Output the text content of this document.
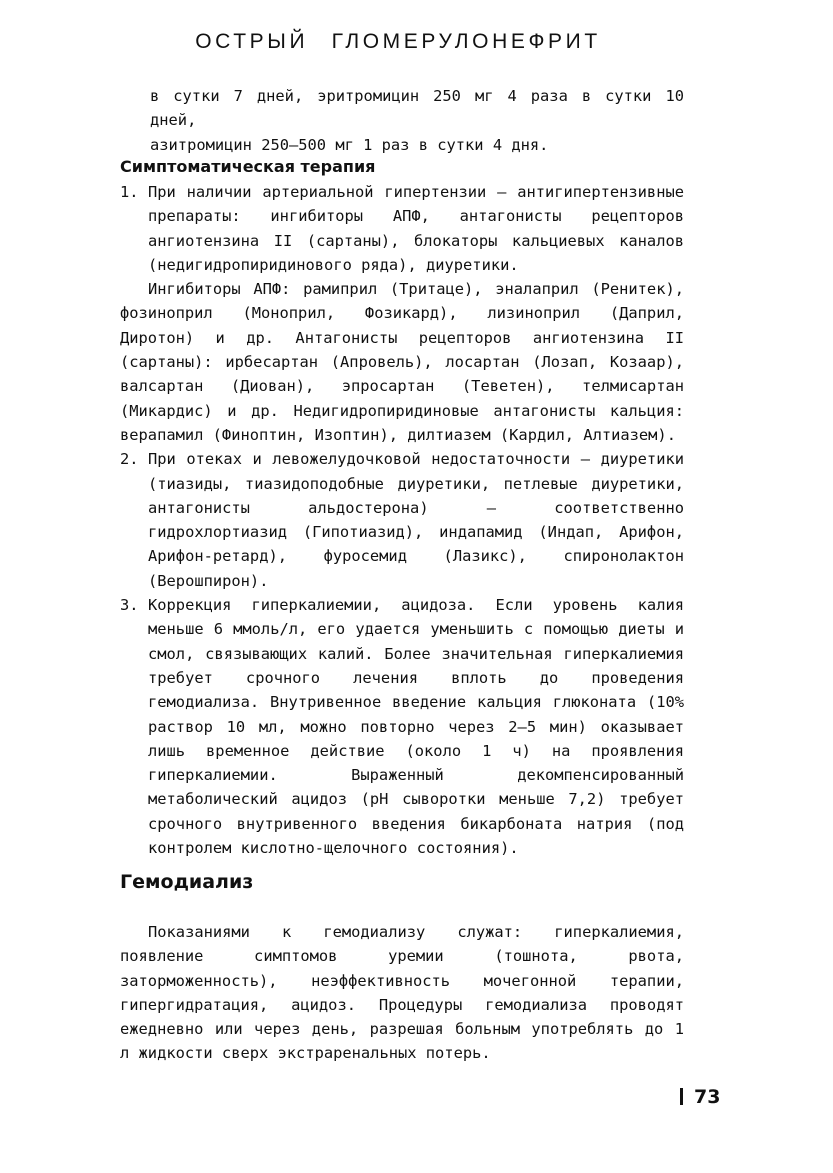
ОСТРЫЙ ГЛОМЕРУЛОНЕФРИТ
в сутки 7 дней, эритромицин 250 мг 4 раза в сутки 10 дней,
азитромицин 250–500 мг 1 раз в сутки 4 дня.
Симптоматическая терапия
1. При наличии артериальной гипертензии — антигипертензивные препараты: ингибиторы АПФ, антагонисты рецепторов ангиотензина II (сартаны), блокаторы кальциевых каналов (недигидропиридинового ряда), диуретики.
Ингибиторы АПФ: рамиприл (Тритаце), эналаприл (Ренитек), фозиноприл (Моноприл, Фозикард), лизиноприл (Даприл, Диротон) и др. Антагонисты рецепторов ангиотензина II (сартаны): ирбесартан (Апровель), лосартан (Лозап, Козаар), валсартан (Диован), эпросартан (Теветен), телмисартан (Микардис) и др. Недигидропиридиновые антагонисты кальция: верапамил (Финоптин, Изоптин), дилтиазем (Кардил, Алтиазем).
2. При отеках и левожелудочковой недостаточности — диуретики (тиазиды, тиазидоподобные диуретики, петлевые диуретики, антагонисты альдостерона) — соответственно гидрохлортиазид (Гипотиазид), индапамид (Индап, Арифон, Арифон-ретард), фуросемид (Лазикс), спиронолактон (Верошпирон).
3. Коррекция гиперкалиемии, ацидоза. Если уровень калия меньше 6 ммоль/л, его удается уменьшить с помощью диеты и смол, связывающих калий. Более значительная гиперкалиемия требует срочного лечения вплоть до проведения гемодиализа. Внутривенное введение кальция глюконата (10% раствор 10 мл, можно повторно через 2–5 мин) оказывает лишь временное действие (около 1 ч) на проявления гиперкалиемии. Выраженный декомпенсированный метаболический ацидоз (рН сыворотки меньше 7,2) требует срочного внутривенного введения бикарбоната натрия (под контролем кислотно-щелочного состояния).
Гемодиализ

Показаниями к гемодиализу служат: гиперкалиемия, появление симптомов уремии (тошнота, рвота, заторможенность), неэффективность мочегонной терапии, гипергидратация, ацидоз. Процедуры гемодиализа проводят ежедневно или через день, разрешая больным употреблять до 1 л жидкости сверх экстраренальных потерь.

73
